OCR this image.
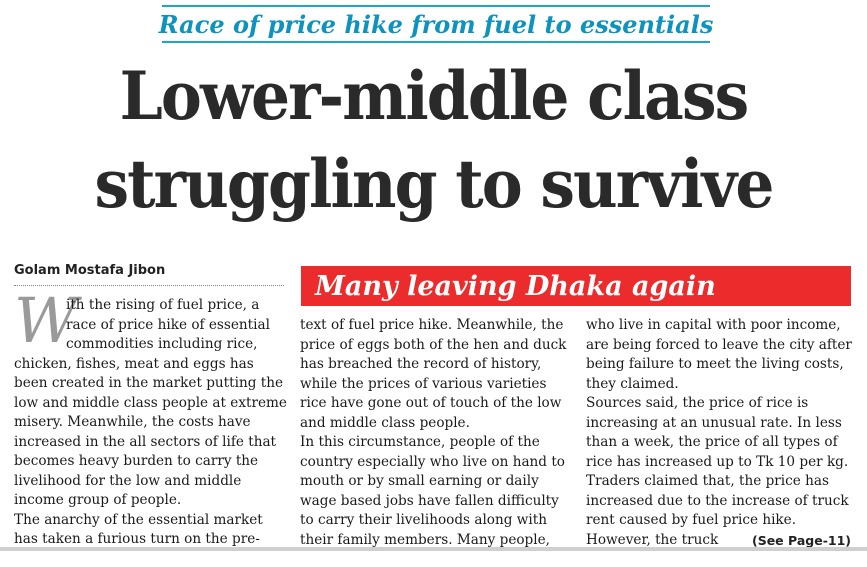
Race of price hike from fuel to essentials
Lower-middle class
struggling to survive
Golam Mostafa Jibon	Many leaving Dhaka again
W

ith the rising of fuel price, a

race of price hike of essential

commodities including rice,

chicken, fishes, meat and eggs has

been created in the market putting the

low and middle class people at extreme

misery. Meanwhile, the costs have

increased in the all sectors of life that

becomes heavy burden to carry the

livelihood for the low and middle

income group of people.

The anarchy of the essential market

has taken a furious turn on the pre-

text of fuel price hike. Meanwhile, the

price of eggs both of the hen and duck

has breached the record of history,

while the prices of various varieties

rice have gone out of touch of the low

and middle class people.

In this circumstance, people of the

country especially who live on hand to

mouth or by small earning or daily

wage based jobs have fallen difficulty

to carry their livelihoods along with

their family members. Many people,

who live in capital with poor income,

are being forced to leave the city after

being failure to meet the living costs,

they claimed.

Sources said, the price of rice is

increasing at an unusual rate. In less

than a week, the price of all types of

rice has increased up to Tk 10 per kg.

Traders claimed that, the price has

increased due to the increase of truck

rent caused by fuel price hike.

However, the truck	(See Page-11)
